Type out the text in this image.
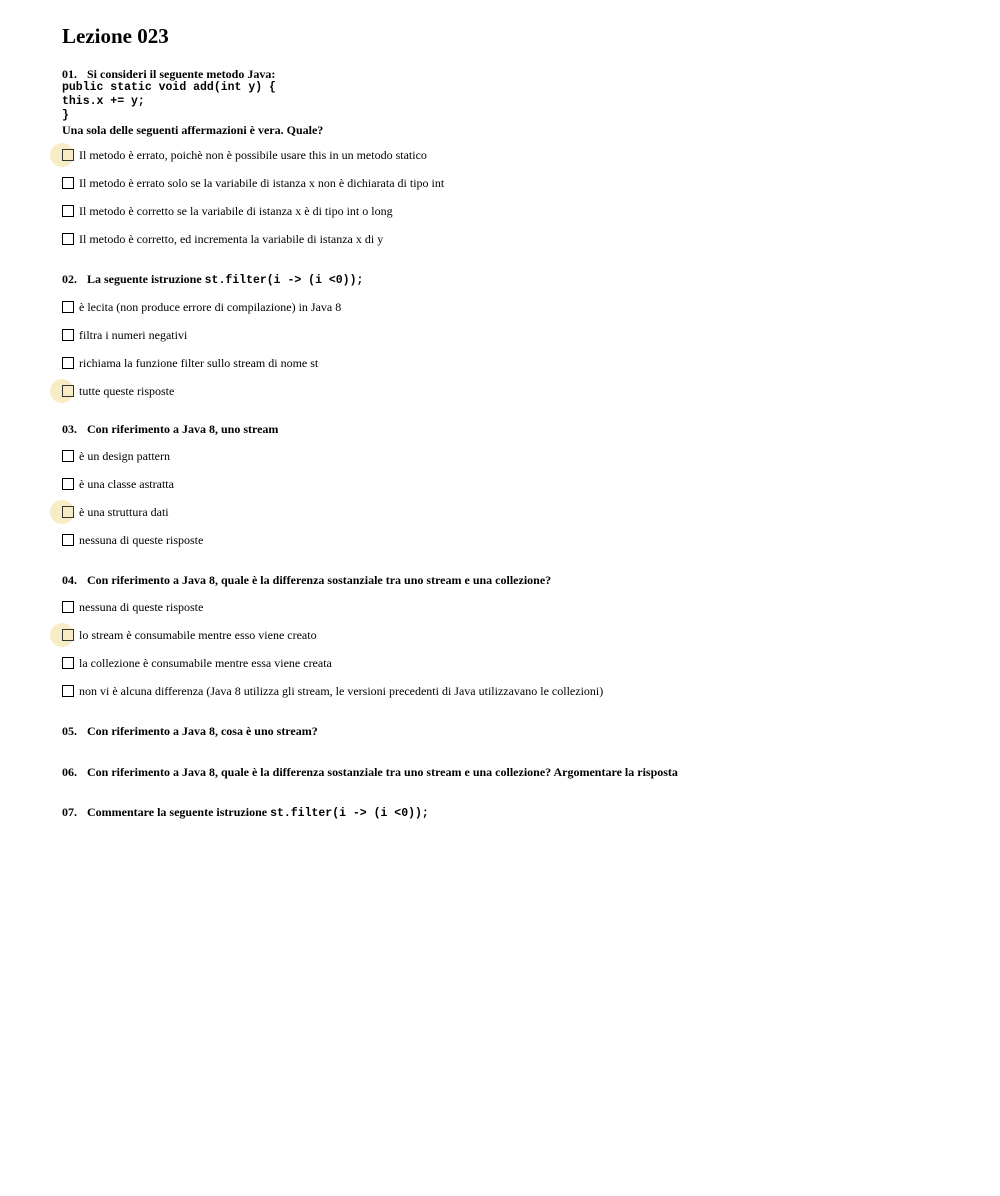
Lezione 023
01. Si consideri il seguente metodo Java:
public static void add(int y) {
this.x += y;
}
Una sola delle seguenti affermazioni è vera. Quale?
Il metodo è errato, poichè non è possibile usare this in un metodo statico
Il metodo è errato solo se la variabile di istanza x non è dichiarata di tipo int
Il metodo è corretto se la variabile di istanza x è di tipo int o long
Il metodo è corretto, ed incrementa la variabile di istanza x di y
02. La seguente istruzione st.filter(i -> (i <0));
è lecita (non produce errore di compilazione) in Java 8
filtra i numeri negativi
richiama la funzione filter sullo stream di nome st
tutte queste risposte
03. Con riferimento a Java 8, uno stream
è un design pattern
è una classe astratta
è una struttura dati
nessuna di queste risposte
04. Con riferimento a Java 8, quale è la differenza sostanziale tra uno stream e una collezione?
nessuna di queste risposte
lo stream è consumabile mentre esso viene creato
la collezione è consumabile mentre essa viene creata
non vi è alcuna differenza (Java 8 utilizza gli stream, le versioni precedenti di Java utilizzavano le collezioni)
05. Con riferimento a Java 8, cosa è uno stream?
06. Con riferimento a Java 8, quale è la differenza sostanziale tra uno stream e una collezione? Argomentare la risposta
07. Commentare la seguente istruzione st.filter(i -> (i <0));
